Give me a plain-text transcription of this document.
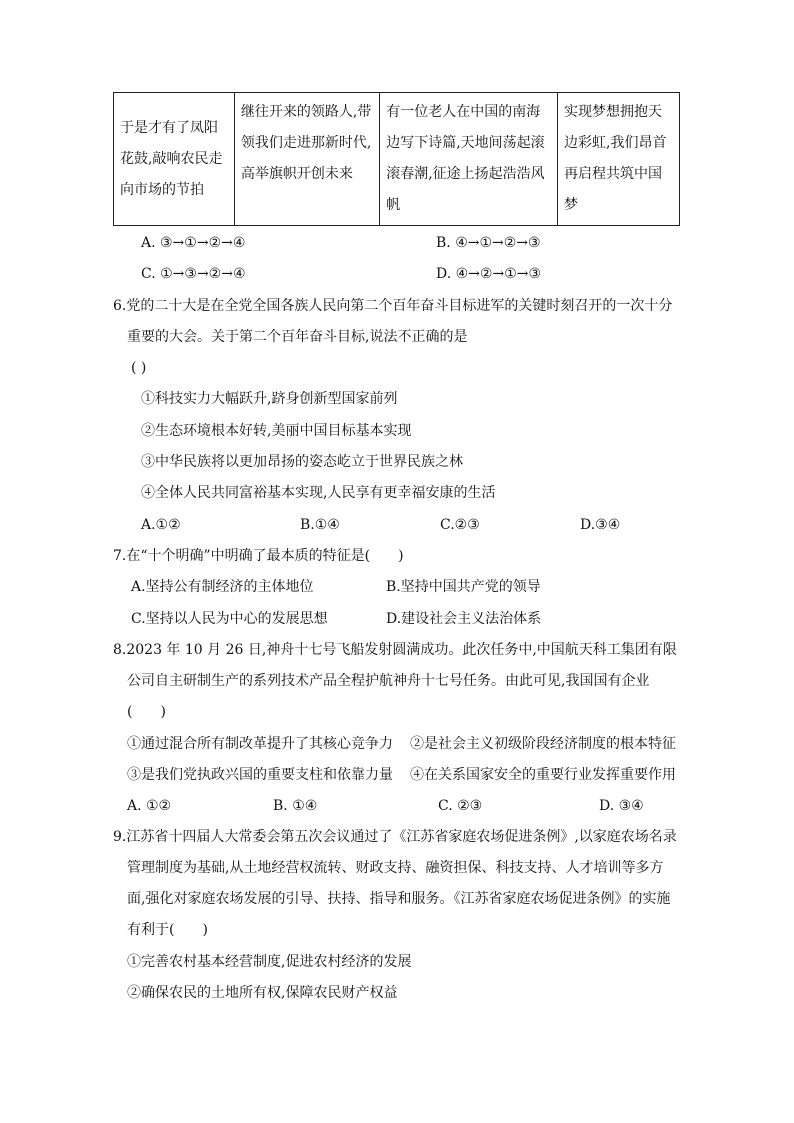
于是才有了凤阳花鼓,敲响农民走向市场的节拍	继往开来的领路人,带领我们走进那新时代,高举旗帜开创未来	有一位老人在中国的南海边写下诗篇,天地间荡起滚滚春潮,征途上扬起浩浩风帆	实现梦想拥抱天边彩虹,我们昂首再启程共筑中国梦
A. ③→①→②→④	B. ④→①→②→③
C. ①→③→②→④	D. ④→②→①→③
6.党的二十大是在全党全国各族人民向第二个百年奋斗目标进军的关键时刻召开的一次十分
重要的大会。关于第二个百年奋斗目标,说法不正确的是
( )
①科技实力大幅跃升,跻身创新型国家前列
②生态环境根本好转,美丽中国目标基本实现
③中华民族将以更加昂扬的姿态屹立于世界民族之林
④全体人民共同富裕基本实现,人民享有更幸福安康的生活
A.①②	B.①④	C.②③	D.③④
7.在“十个明确”中明确了最本质的特征是(　　)
A.坚持公有制经济的主体地位	B.坚持中国共产党的领导
C.坚持以人民为中心的发展思想	D.建设社会主义法治体系
8.2023 年 10 月 26 日,神舟十七号飞船发射圆满成功。此次任务中,中国航天科工集团有限
公司自主研制生产的系列技术产品全程护航神舟十七号任务。由此可见,我国国有企业
(　　)
①通过混合所有制改革提升了其核心竞争力 ②是社会主义初级阶段经济制度的根本特征
③是我们党执政兴国的重要支柱和依靠力量 ④在关系国家安全的重要行业发挥重要作用
A. ①②	B. ①④	C. ②③	D. ③④
9.江苏省十四届人大常委会第五次会议通过了《江苏省家庭农场促进条例》,以家庭农场名录
管理制度为基础,从土地经营权流转、财政支持、融资担保、科技支持、人才培训等多方
面,强化对家庭农场发展的引导、扶持、指导和服务。《江苏省家庭农场促进条例》的实施
有利于(　　)
①完善农村基本经营制度,促进农村经济的发展
②确保农民的土地所有权,保障农民财产权益
